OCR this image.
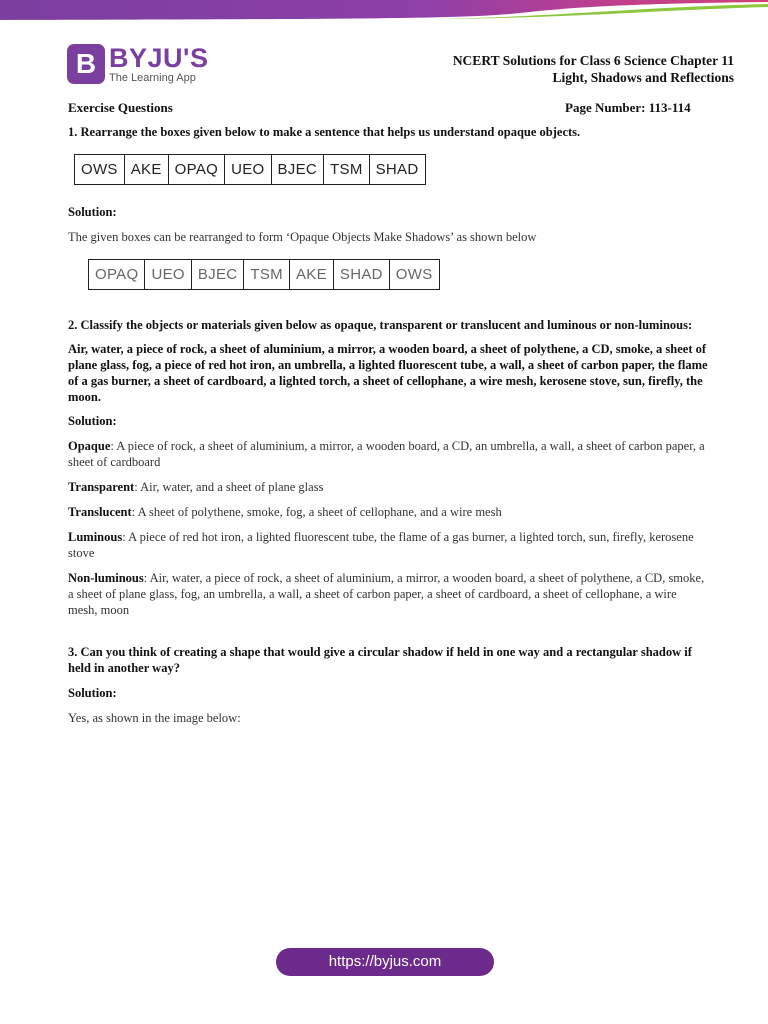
B BYJU'S
The Learning App
NCERT Solutions for Class 6 Science Chapter 11
Light, Shadows and Reflections
Exercise Questions	Page Number: 113-114

1. Rearrange the boxes given below to make a sentence that helps us understand opaque objects.

OWS AKE OPAQ UEO BJEC TSM SHAD

Solution:

The given boxes can be rearranged to form ‘Opaque Objects Make Shadows’ as shown below

OPAQ UEO BJEC TSM AKE SHAD OWS

2. Classify the objects or materials given below as opaque, transparent or translucent and luminous or non-luminous:

Air, water, a piece of rock, a sheet of aluminium, a mirror, a wooden board, a sheet of polythene, a CD, smoke, a sheet of plane glass, fog, a piece of red hot iron, an umbrella, a lighted fluorescent tube, a wall, a sheet of carbon paper, the flame of a gas burner, a sheet of cardboard, a lighted torch, a sheet of cellophane, a wire mesh, kerosene stove, sun, firefly, the moon.

Solution:

Opaque: A piece of rock, a sheet of aluminium, a mirror, a wooden board, a CD, an umbrella, a wall, a sheet of carbon paper, a sheet of cardboard

Transparent: Air, water, and a sheet of plane glass

Translucent: A sheet of polythene, smoke, fog, a sheet of cellophane, and a wire mesh

Luminous: A piece of red hot iron, a lighted fluorescent tube, the flame of a gas burner, a lighted torch, sun, firefly, kerosene stove

Non-luminous: Air, water, a piece of rock, a sheet of aluminium, a mirror, a wooden board, a sheet of polythene, a CD, smoke, a sheet of plane glass, fog, an umbrella, a wall, a sheet of carbon paper, a sheet of cardboard, a sheet of cellophane, a wire mesh, moon

3. Can you think of creating a shape that would give a circular shadow if held in one way and a rectangular shadow if held in another way?

Solution:

Yes, as shown in the image below:

https://byjus.com
